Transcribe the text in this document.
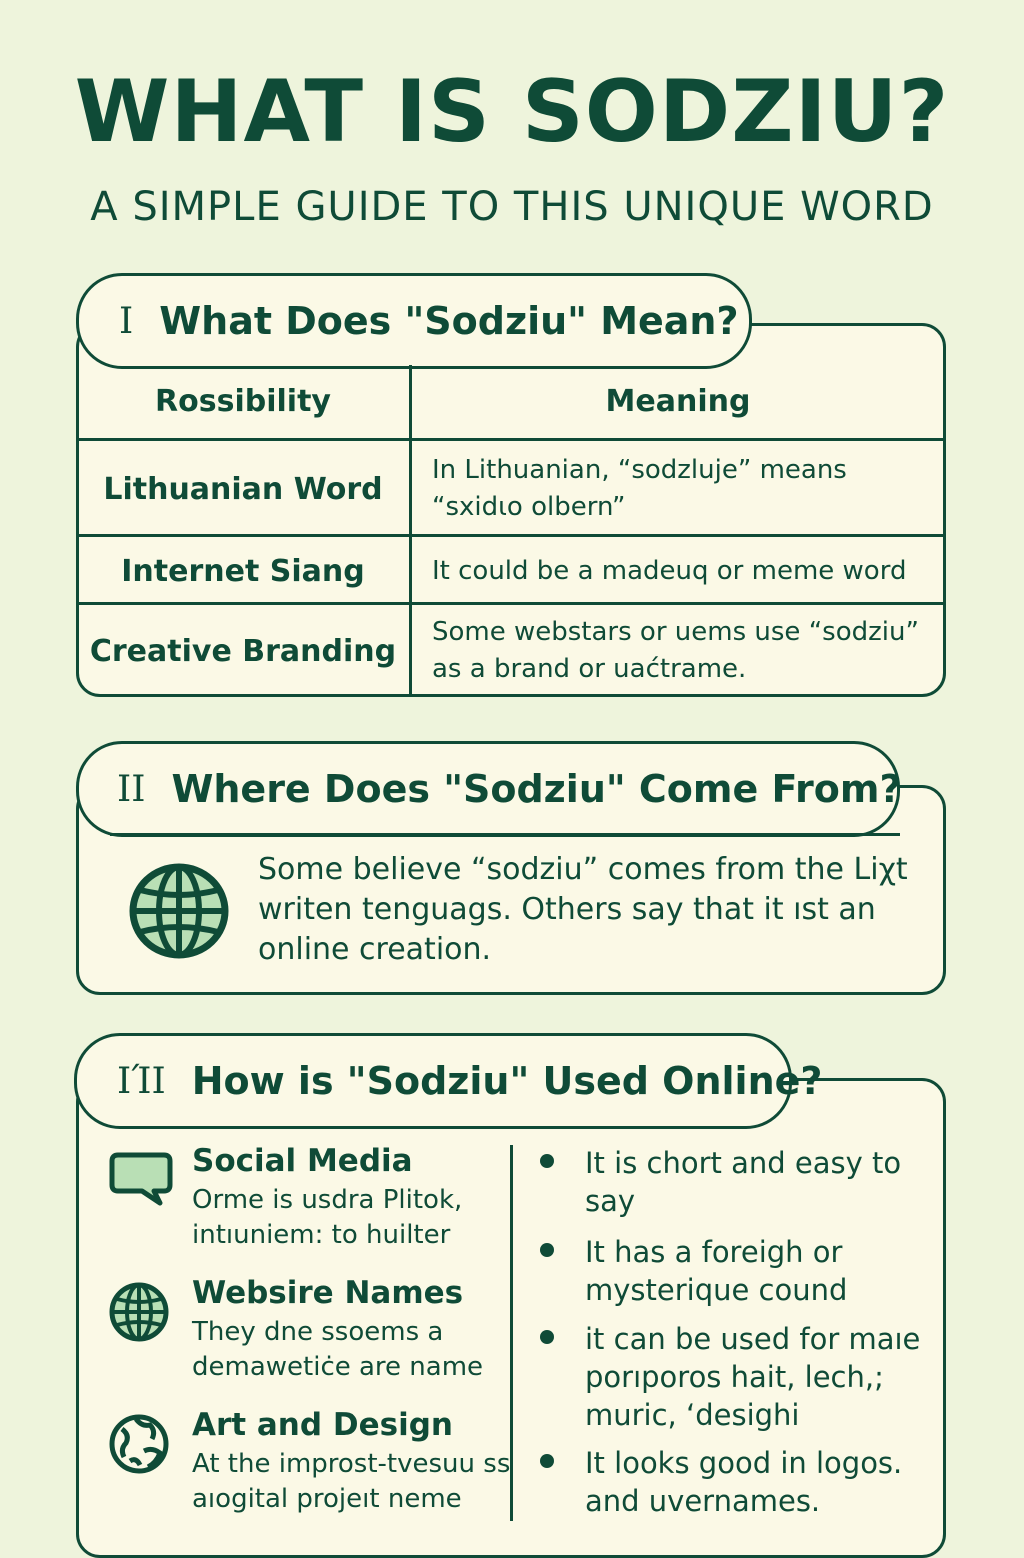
WHAT IS SODZIU?
A SIMPLE GUIDE TO THIS UNIQUE WORD
I What Does "Sodziu" Mean?
Rossibility	Meaning
Lithuanian Word
In Lithuanian, “sodzluje” means “sxidιo olbern”
Internet Siang	It could be a madeuq or meme word
Creative Branding
Some webstars or uems use “sodziu” as a brand or uaćtrame.
II Where Does "Sodziu" Come From?
Some believe “sodziu” comes from the Liχt writen tenguags. Others say that it ıst an online creation.
ΙΊΙ How is "Sodziu" Used Online?
Social Media
Orme is usdra Plitok, intıuniem: to huilter
Websire Names
They dne ssoems a demawetiċe are name
Art and Design
At the improst-tvesuu ss aıogital projeıt neme
It is chort and easy to say
It has a foreigh or mysterique cound
it can be used for maıe porıporos hait, lech,; muric, ‘desighi
It looks good in logos. and uvernames.
